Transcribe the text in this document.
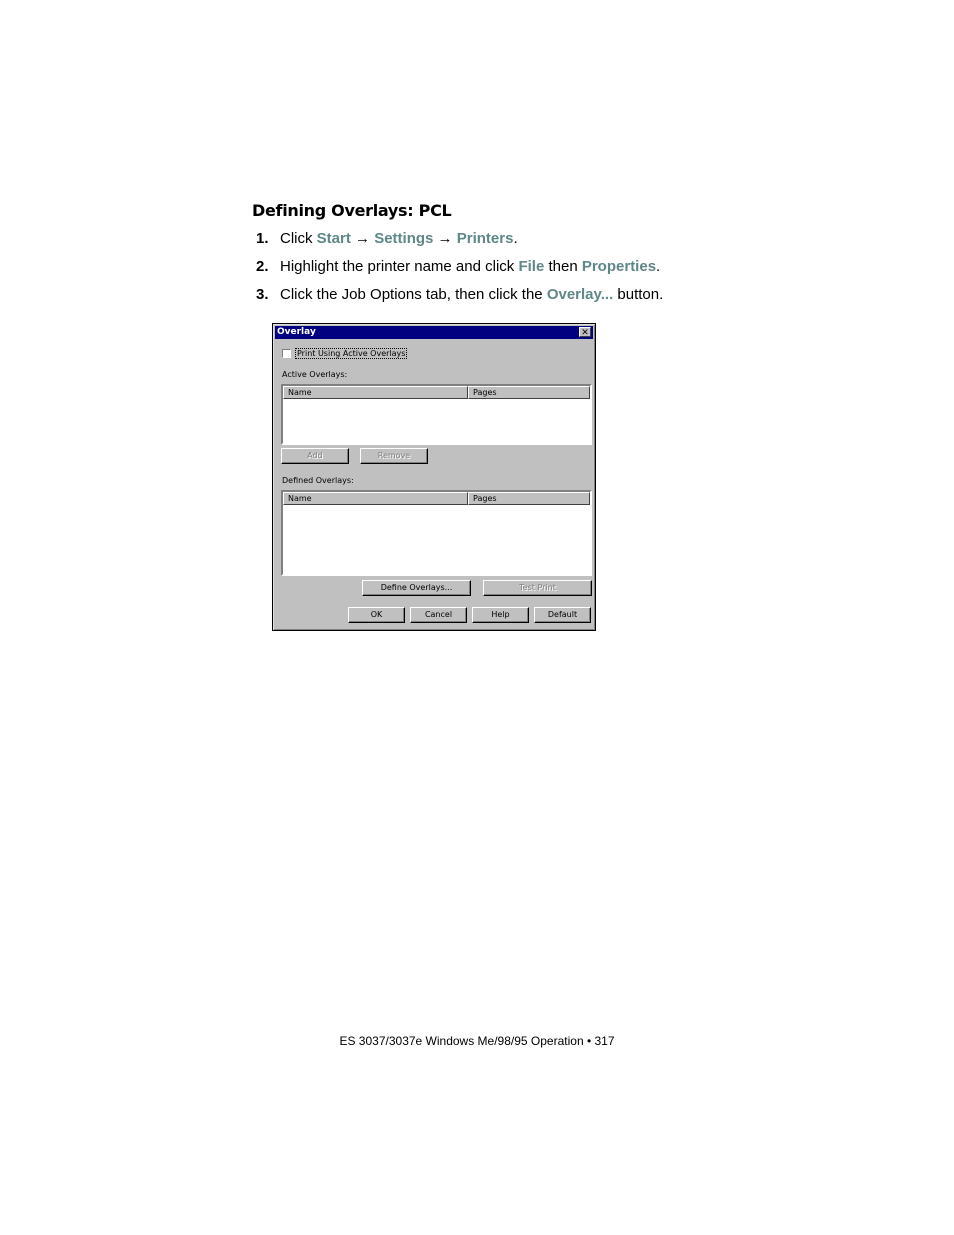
Defining Overlays: PCL
1. Click Start → Settings → Printers.
2. Highlight the printer name and click File then Properties.
3. Click the Job Options tab, then click the Overlay... button.
Overlay	✕
Print Using Active Overlays
Active Overlays:
Name	Pages
Add	Remove
Defined Overlays:
Name	Pages
Define Overlays...	Test Print
OK	Cancel	Help	Default
ES 3037/3037e Windows Me/98/95 Operation • 317
